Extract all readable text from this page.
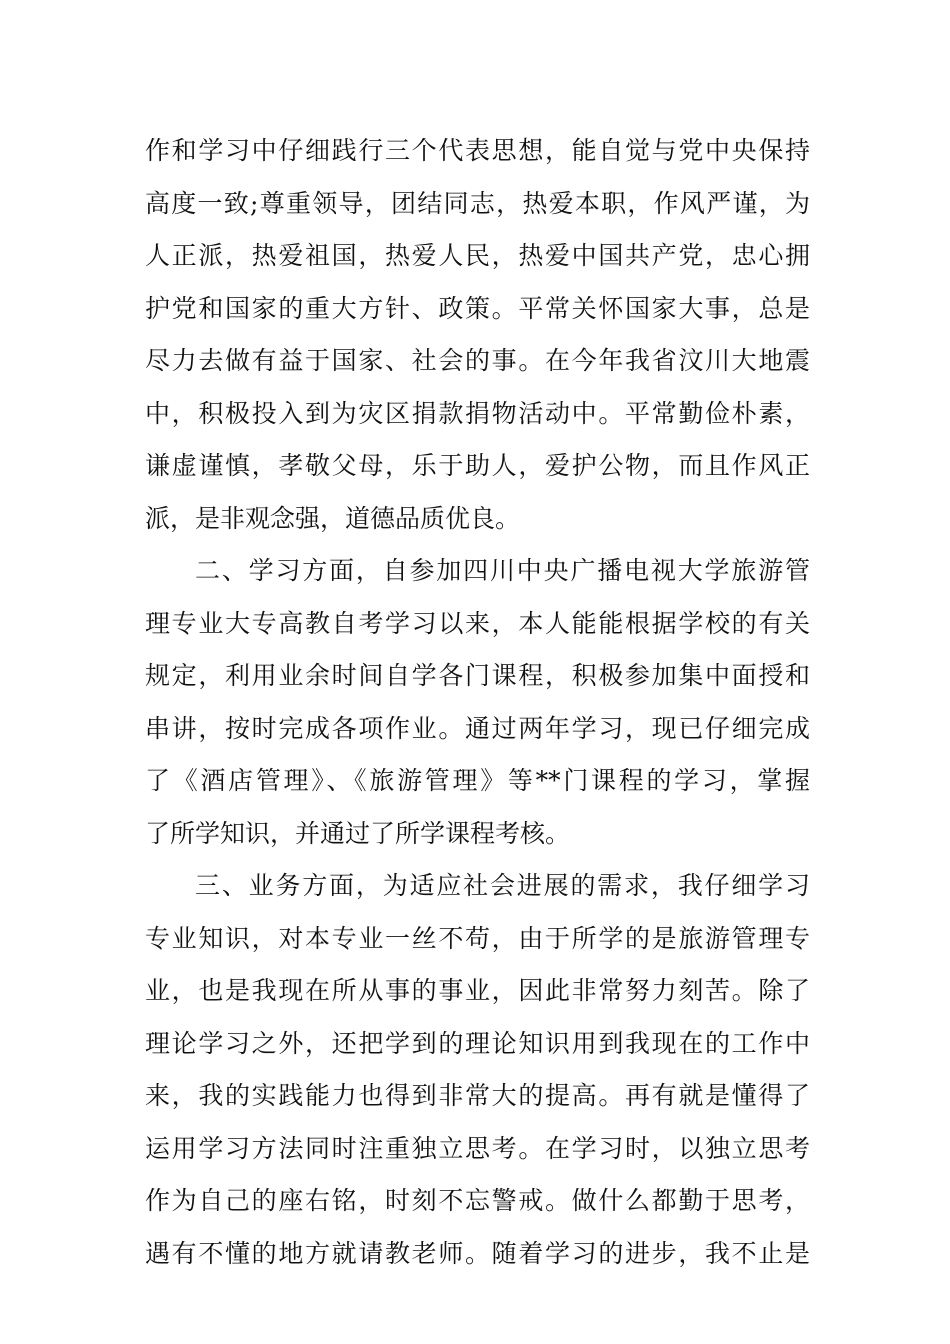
作和学习中仔细践行三个代表思想，能自觉与党中央保持
高度一致;尊重领导，团结同志，热爱本职，作风严谨，为
人正派，热爱祖国，热爱人民，热爱中国共产党，忠心拥
护党和国家的重大方针、政策。平常关怀国家大事，总是
尽力去做有益于国家、社会的事。在今年我省汶川大地震
中，积极投入到为灾区捐款捐物活动中。平常勤俭朴素，
谦虚谨慎，孝敬父母，乐于助人，爱护公物，而且作风正
派，是非观念强，道德品质优良。
二、学习方面，自参加四川中央广播电视大学旅游管
理专业大专高教自考学习以来，本人能能根据学校的有关
规定，利用业余时间自学各门课程，积极参加集中面授和
串讲，按时完成各项作业。通过两年学习，现已仔细完成
了《酒店管理》、《旅游管理》等**门课程的学习，掌握
了所学知识，并通过了所学课程考核。
三、业务方面，为适应社会进展的需求，我仔细学习
专业知识，对本专业一丝不苟，由于所学的是旅游管理专
业，也是我现在所从事的事业，因此非常努力刻苦。除了
理论学习之外，还把学到的理论知识用到我现在的工作中
来，我的实践能力也得到非常大的提高。再有就是懂得了
运用学习方法同时注重独立思考。在学习时，以独立思考
作为自己的座右铭，时刻不忘警戒。做什么都勤于思考，
遇有不懂的地方就请教老师。随着学习的进步，我不止是
